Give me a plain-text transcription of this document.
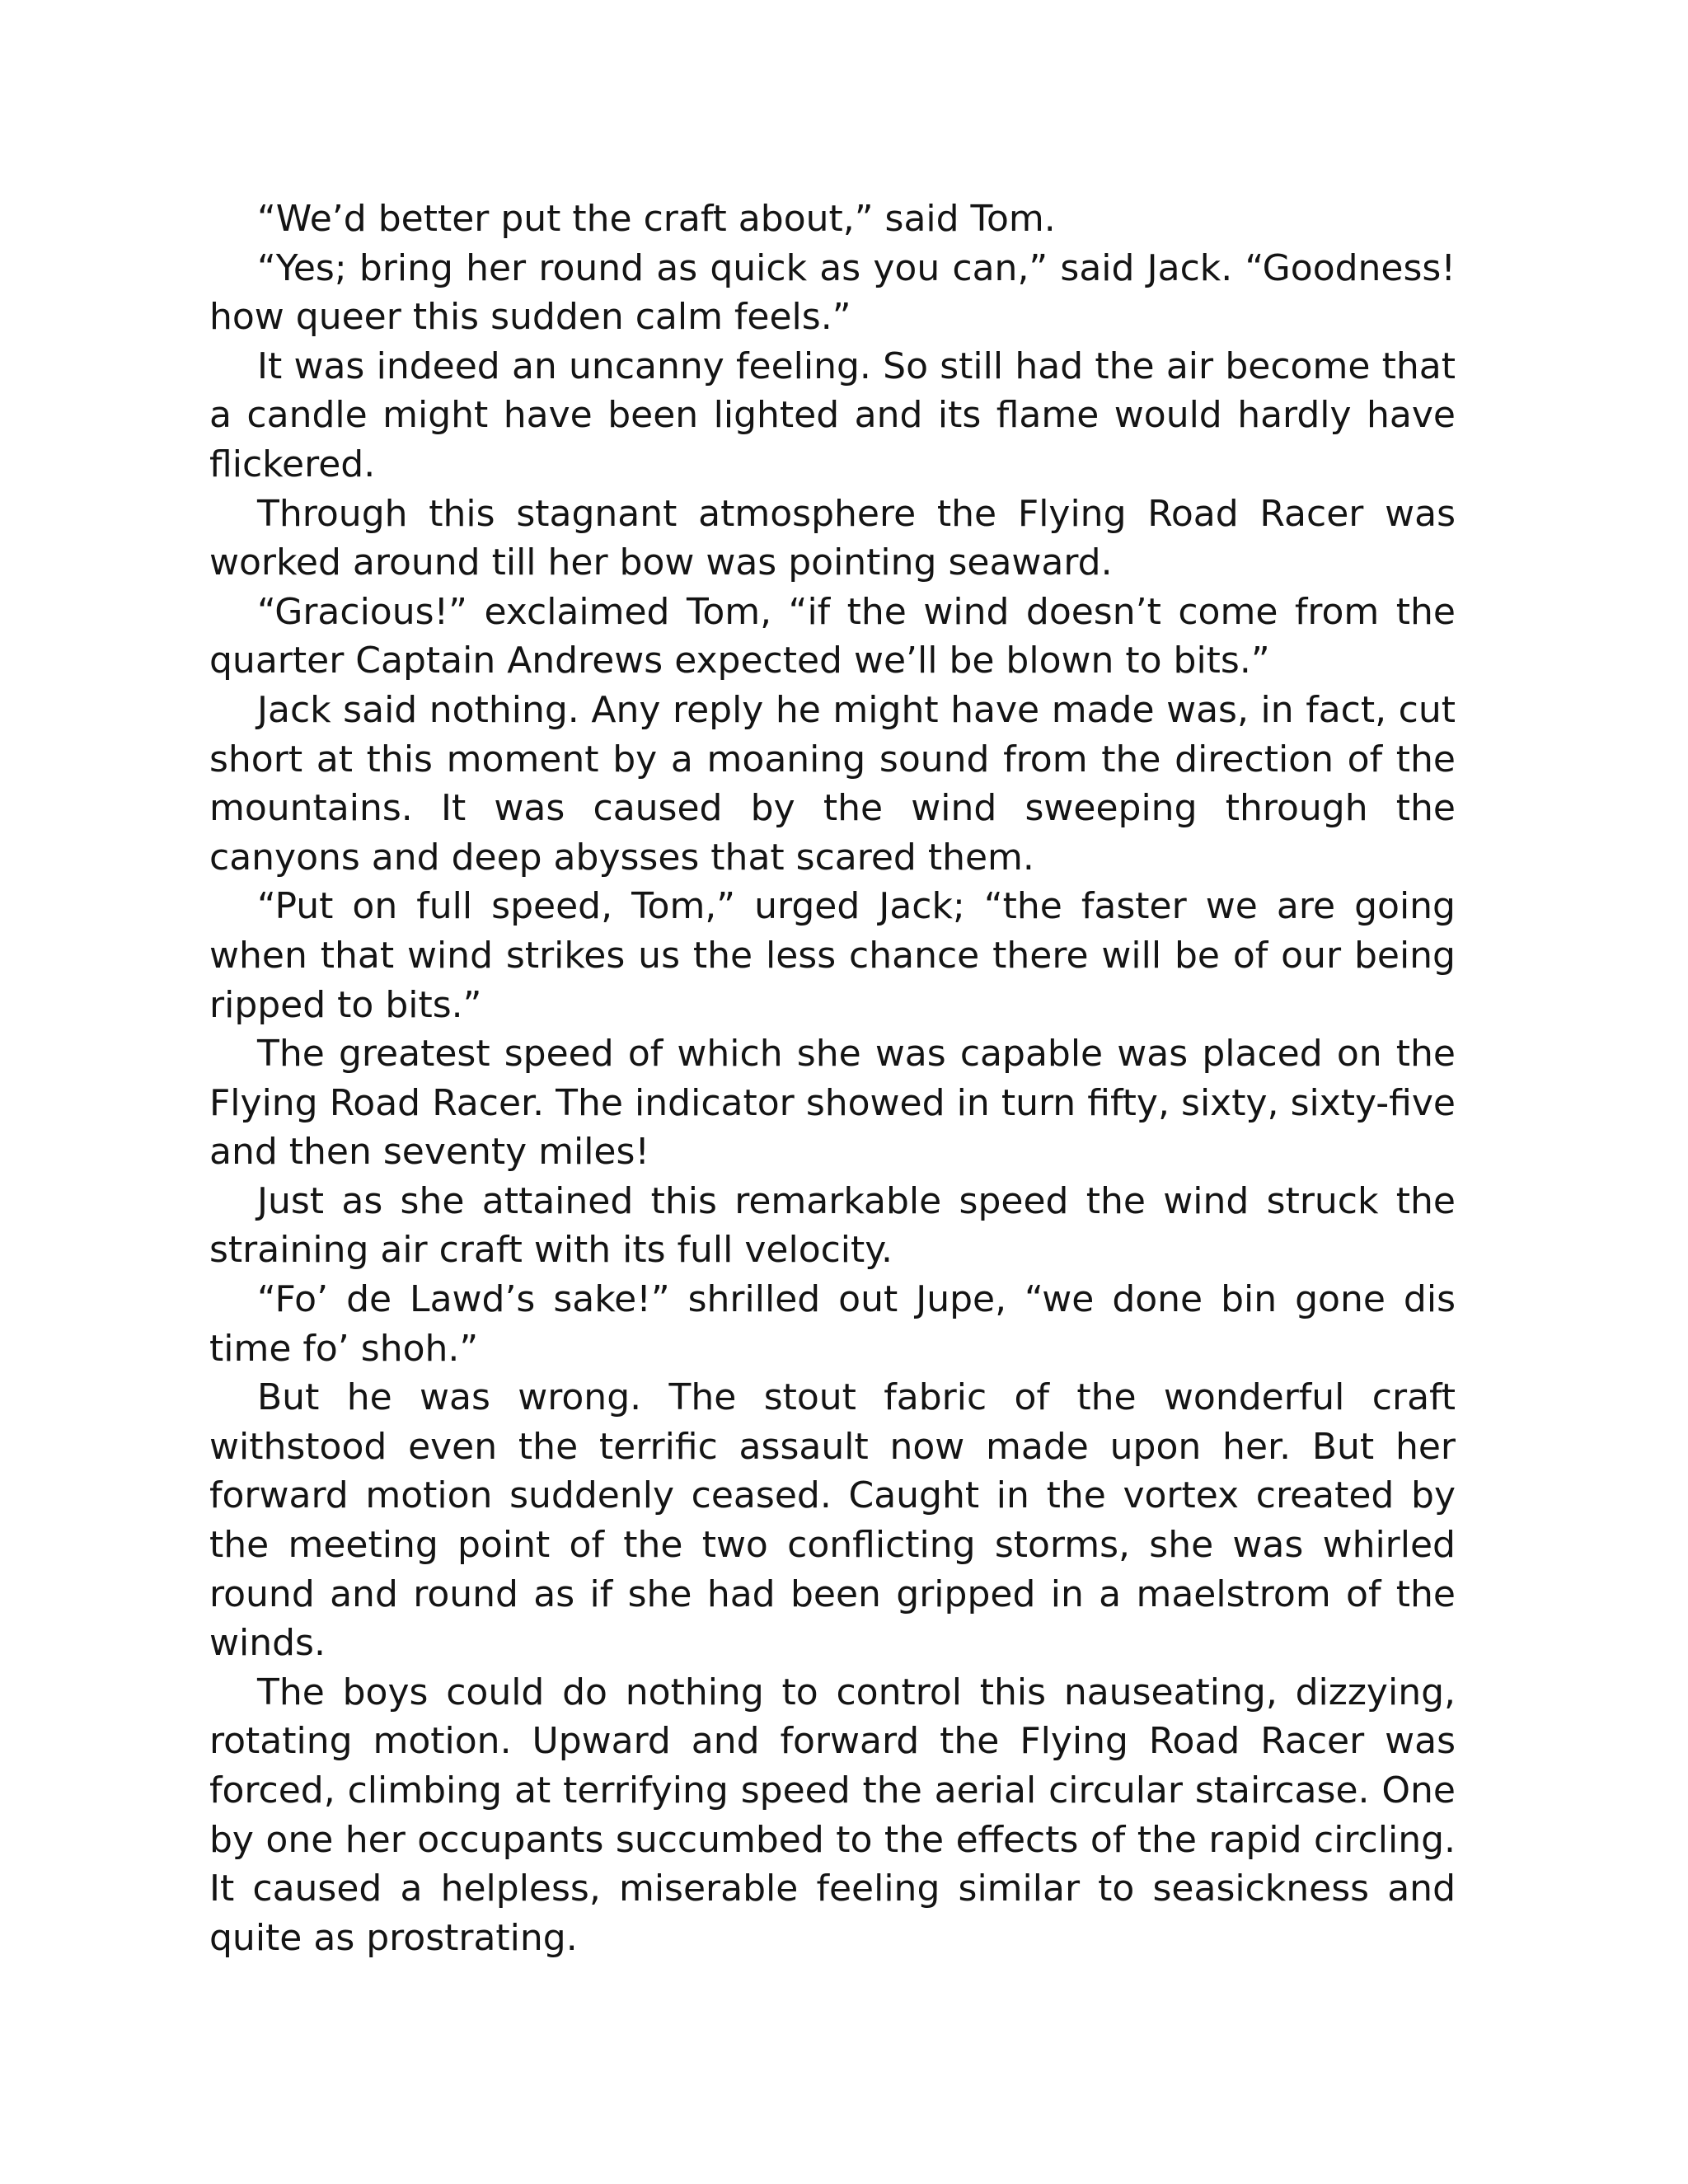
“We’d better put the craft about,” said Tom.

“Yes; bring her round as quick as you can,” said Jack. “Goodness! how queer this sudden calm feels.”

It was indeed an uncanny feeling. So still had the air become that a candle might have been lighted and its flame would hardly have flickered.

Through this stagnant atmosphere the Flying Road Racer was worked around till her bow was pointing seaward.

“Gracious!” exclaimed Tom, “if the wind doesn’t come from the quarter Captain Andrews expected we’ll be blown to bits.”

Jack said nothing. Any reply he might have made was, in fact, cut short at this moment by a moaning sound from the direction of the mountains. It was caused by the wind sweeping through the canyons and deep abysses that scared them.

“Put on full speed, Tom,” urged Jack; “the faster we are going when that wind strikes us the less chance there will be of our being ripped to bits.”

The greatest speed of which she was capable was placed on the Flying Road Racer. The indicator showed in turn fifty, sixty, sixty-five and then seventy miles!

Just as she attained this remarkable speed the wind struck the straining air craft with its full velocity.

“Fo’ de Lawd’s sake!” shrilled out Jupe, “we done bin gone dis time fo’ shoh.”

But he was wrong. The stout fabric of the wonderful craft withstood even the terrific assault now made upon her. But her forward motion suddenly ceased. Caught in the vortex created by the meeting point of the two conflicting storms, she was whirled round and round as if she had been gripped in a maelstrom of the winds.

The boys could do nothing to control this nauseating, dizzying, rotating motion. Upward and forward the Flying Road Racer was forced, climbing at terrifying speed the aerial circular staircase. One by one her occupants succumbed to the effects of the rapid circling. It caused a helpless, miserable feeling similar to seasickness and quite as prostrating.
